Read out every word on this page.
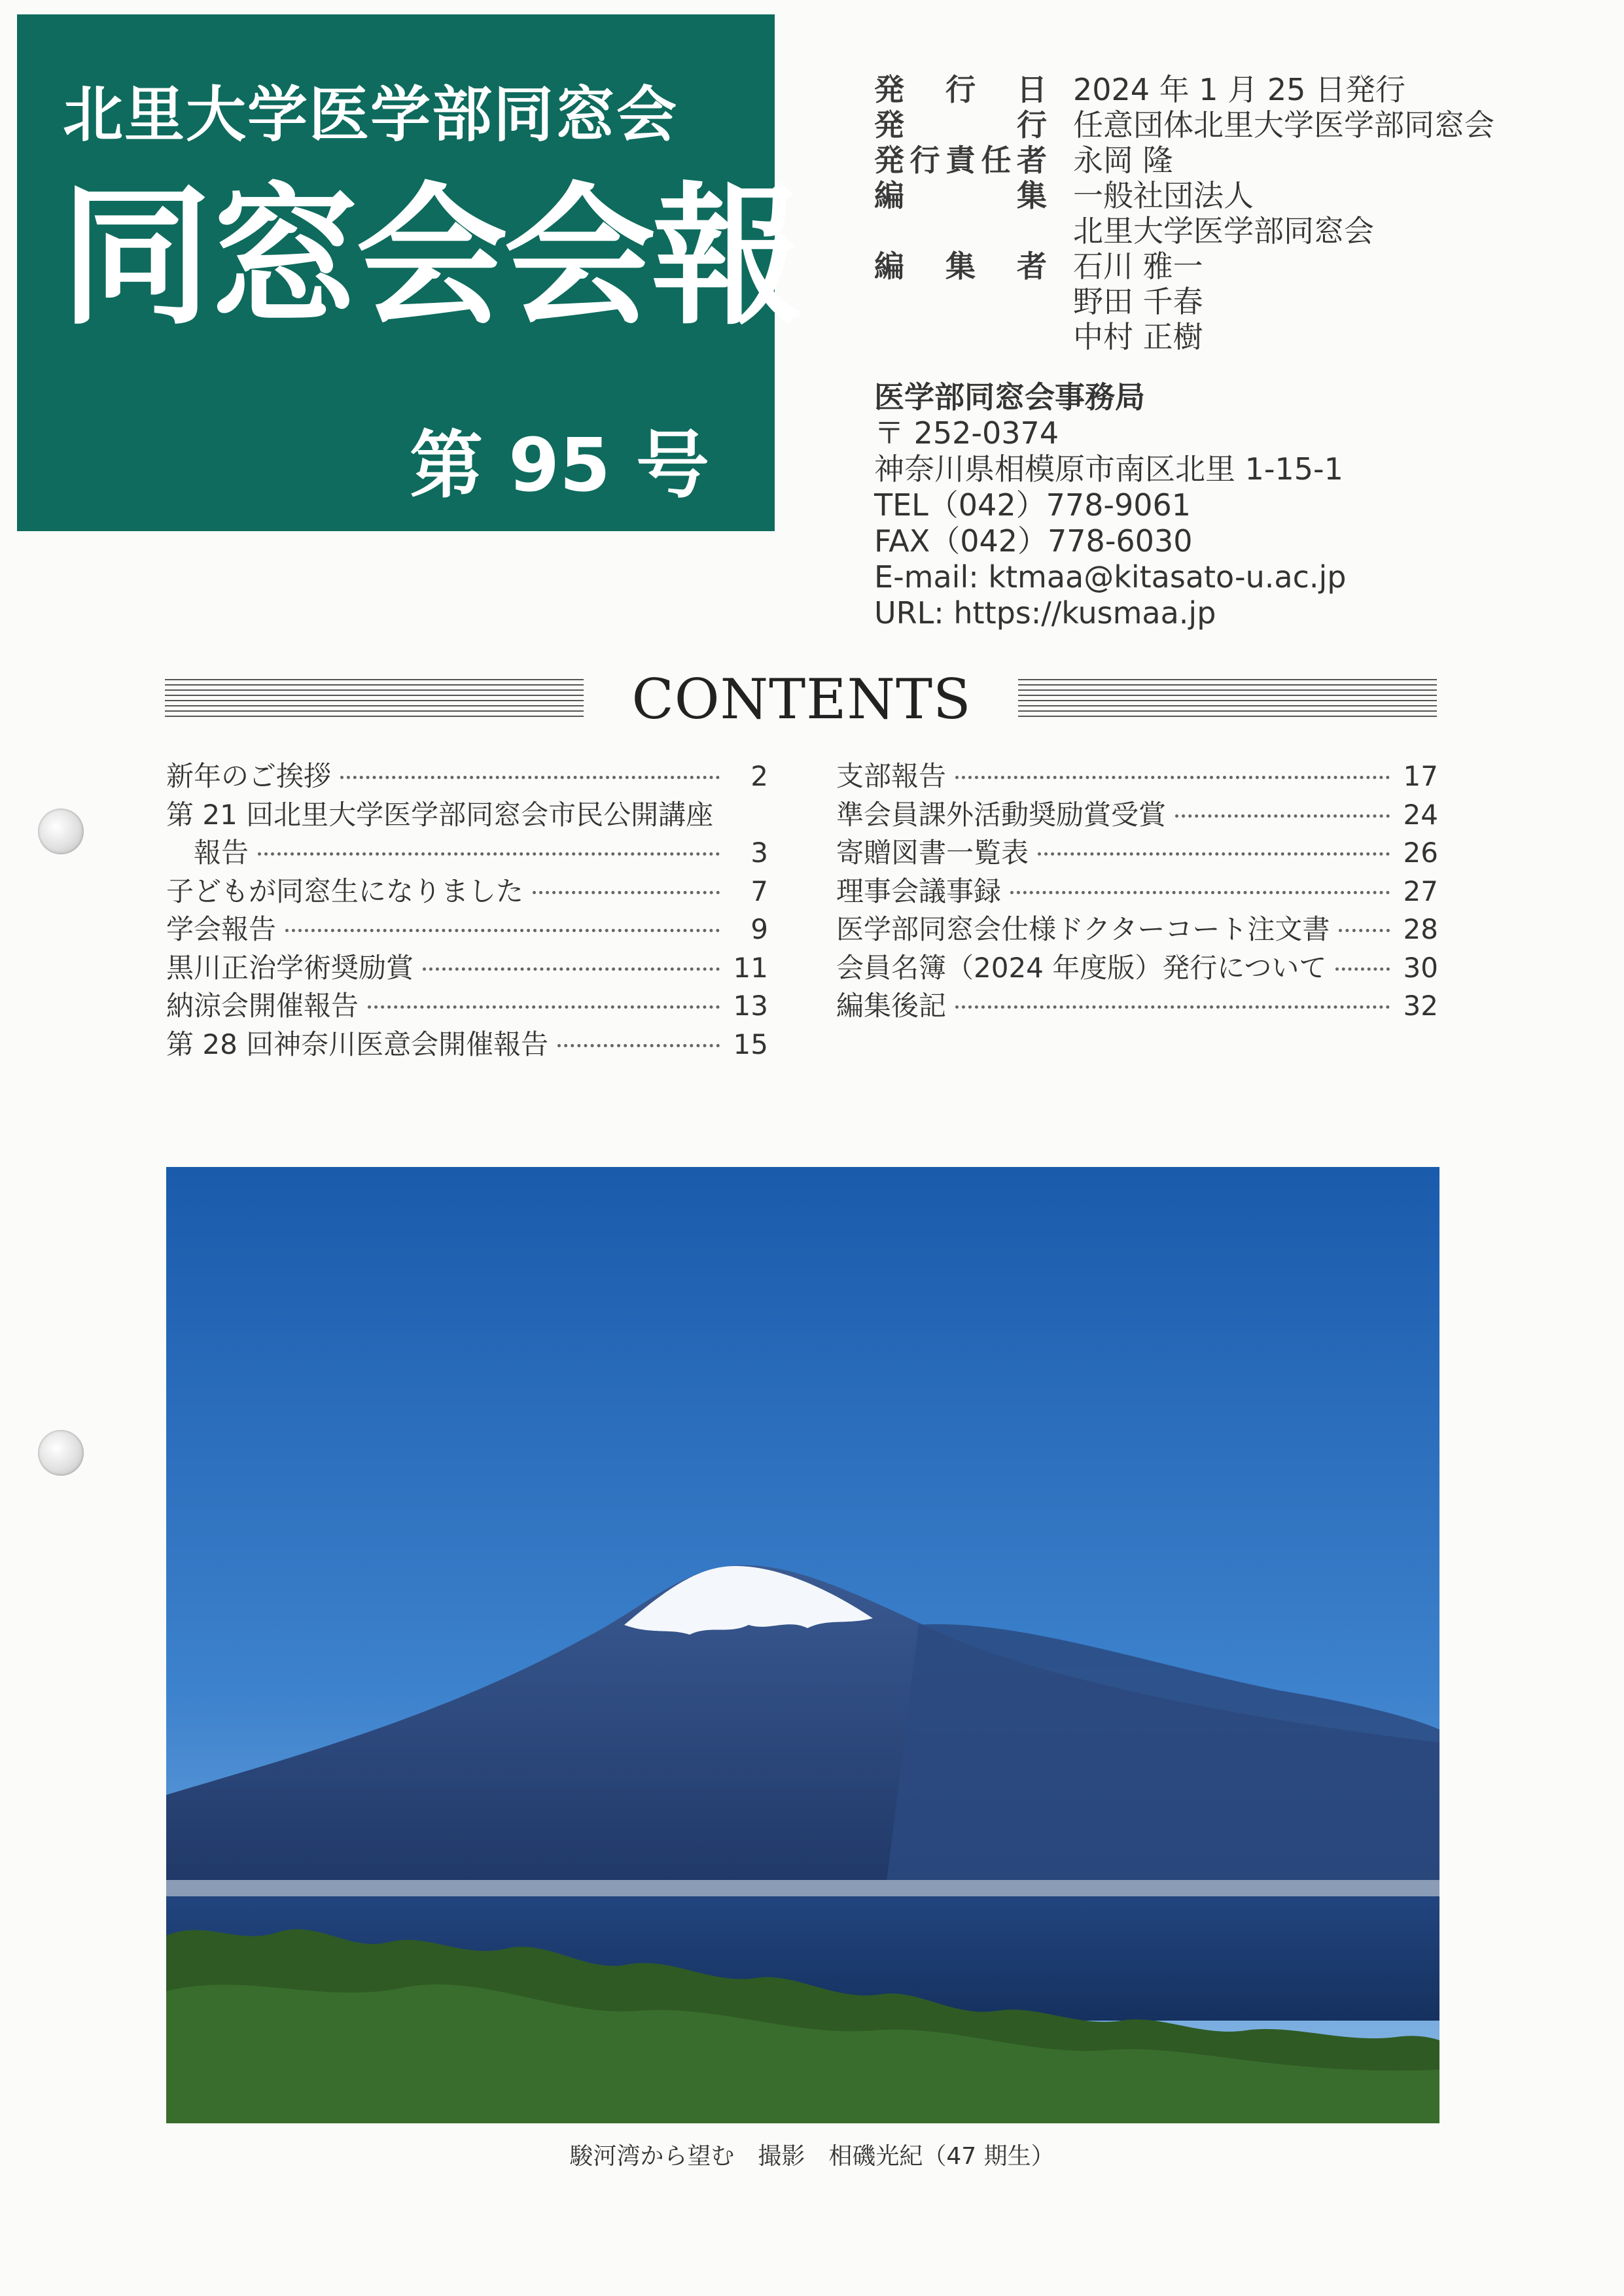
北里大学医学部同窓会
同窓会会報
第 95 号
発行日 2024 年 1 月 25 日発行
発行 任意団体北里大学医学部同窓会
発行責任者 永岡 隆
編集 一般社団法人
北里大学医学部同窓会
編集者 石川 雅一
野田 千春
中村 正樹
医学部同窓会事務局
〒 252-0374
神奈川県相模原市南区北里 1-15-1
TEL（042）778-9061
FAX（042）778-6030
E-mail: ktmaa@kitasato-u.ac.jp
URL: https://kusmaa.jp
CONTENTS
新年のご挨拶	2
第 21 回北里大学医学部同窓会市民公開講座
報告	3
子どもが同窓生になりました	7
学会報告	9
黒川正治学術奨励賞	11
納涼会開催報告	13
第 28 回神奈川医意会開催報告	15
支部報告	17
準会員課外活動奨励賞受賞	24
寄贈図書一覧表	26
理事会議事録	27
医学部同窓会仕様ドクターコート注文書	28
会員名簿（2024 年度版）発行について	30
編集後記	32
駿河湾から望む　撮影　相磯光紀（47 期生）
